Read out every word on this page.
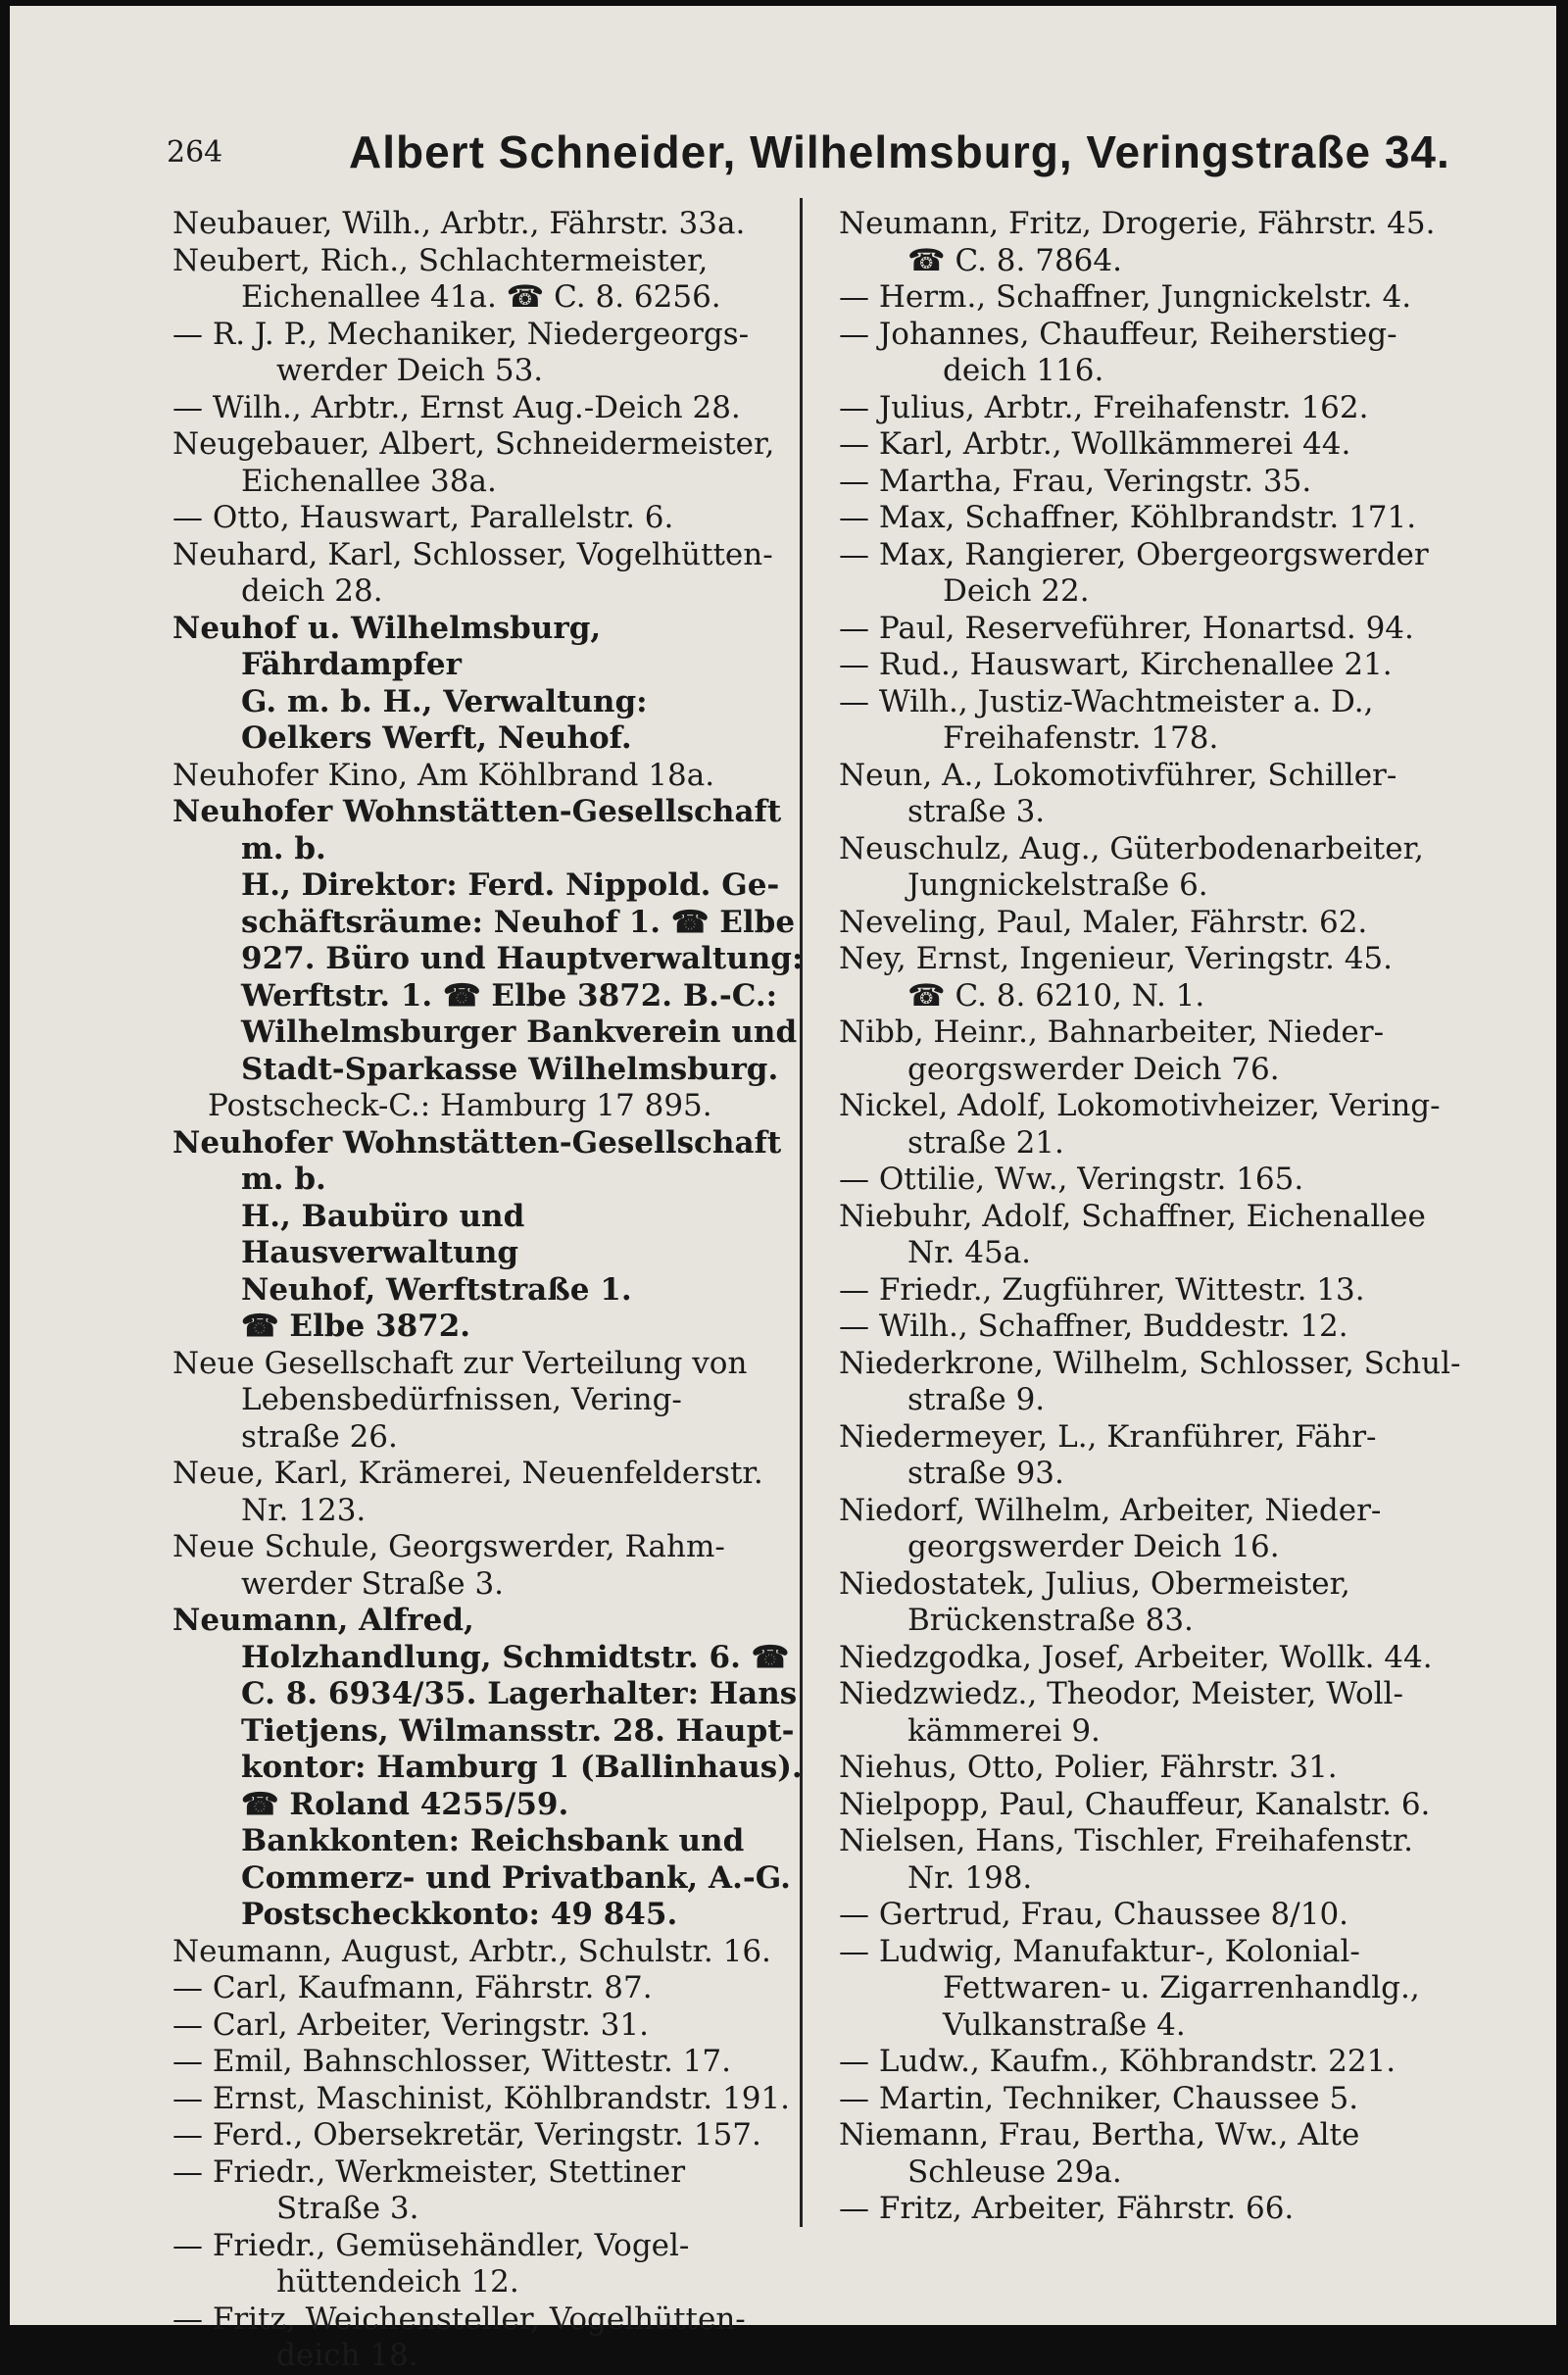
264	Albert Schneider, Wilhelmsburg, Veringstraße 34.
Neubauer, Wilh., Arbtr., Fährstr. 33a.
Neubert, Rich., Schlachtermeister,
Eichenallee 41a. ☎ C. 8. 6256.
— R. J. P., Mechaniker, Niedergeorgs-
werder Deich 53.
— Wilh., Arbtr., Ernst Aug.-Deich 28.
Neugebauer, Albert, Schneidermeister,
Eichenallee 38a.
— Otto, Hauswart, Parallelstr. 6.
Neuhard, Karl, Schlosser, Vogelhütten-
deich 28.
Neuhof u. Wilhelmsburg, Fährdampfer
G. m. b. H., Verwaltung:
Oelkers Werft, Neuhof.
Neuhofer Kino, Am Köhlbrand 18a.
Neuhofer Wohnstätten-Gesellschaft m. b.
H., Direktor: Ferd. Nippold. Ge-
schäftsräume: Neuhof 1. ☎ Elbe
927. Büro und Hauptverwaltung:
Werftstr. 1. ☎ Elbe 3872. B.-C.:
Wilhelmsburger Bankverein und
Stadt-Sparkasse Wilhelmsburg.
Postscheck-C.: Hamburg 17 895.
Neuhofer Wohnstätten-Gesellschaft m. b.
H., Baubüro und Hausverwaltung
Neuhof, Werftstraße 1.
☎ Elbe 3872.
Neue Gesellschaft zur Verteilung von
Lebensbedürfnissen, Vering-
straße 26.
Neue, Karl, Krämerei, Neuenfelderstr.
Nr. 123.
Neue Schule, Georgswerder, Rahm-
werder Straße 3.
Neumann, Alfred,
Holzhandlung, Schmidtstr. 6. ☎
C. 8. 6934/35. Lagerhalter: Hans
Tietjens, Wilmansstr. 28. Haupt-
kontor: Hamburg 1 (Ballinhaus).
☎ Roland 4255/59.
Bankkonten: Reichsbank und
Commerz- und Privatbank, A.-G.
Postscheckkonto: 49 845.
Neumann, August, Arbtr., Schulstr. 16.
— Carl, Kaufmann, Fährstr. 87.
— Carl, Arbeiter, Veringstr. 31.
— Emil, Bahnschlosser, Wittestr. 17.
— Ernst, Maschinist, Köhlbrandstr. 191.
— Ferd., Obersekretär, Veringstr. 157.
— Friedr., Werkmeister, Stettiner
Straße 3.
— Friedr., Gemüsehändler, Vogel-
hüttendeich 12.
— Fritz, Weichensteller, Vogelhütten-
deich 18.
Neumann, Fritz, Drogerie, Fährstr. 45.
☎ C. 8. 7864.
— Herm., Schaffner, Jungnickelstr. 4.
— Johannes, Chauffeur, Reiherstieg-
deich 116.
— Julius, Arbtr., Freihafenstr. 162.
— Karl, Arbtr., Wollkämmerei 44.
— Martha, Frau, Veringstr. 35.
— Max, Schaffner, Köhlbrandstr. 171.
— Max, Rangierer, Obergeorgswerder
Deich 22.
— Paul, Reserveführer, Honartsd. 94.
— Rud., Hauswart, Kirchenallee 21.
— Wilh., Justiz-Wachtmeister a. D.,
Freihafenstr. 178.
Neun, A., Lokomotivführer, Schiller-
straße 3.
Neuschulz, Aug., Güterbodenarbeiter,
Jungnickelstraße 6.
Neveling, Paul, Maler, Fährstr. 62.
Ney, Ernst, Ingenieur, Veringstr. 45.
☎ C. 8. 6210, N. 1.
Nibb, Heinr., Bahnarbeiter, Nieder-
georgswerder Deich 76.
Nickel, Adolf, Lokomotivheizer, Vering-
straße 21.
— Ottilie, Ww., Veringstr. 165.
Niebuhr, Adolf, Schaffner, Eichenallee
Nr. 45a.
— Friedr., Zugführer, Wittestr. 13.
— Wilh., Schaffner, Buddestr. 12.
Niederkrone, Wilhelm, Schlosser, Schul-
straße 9.
Niedermeyer, L., Kranführer, Fähr-
straße 93.
Niedorf, Wilhelm, Arbeiter, Nieder-
georgswerder Deich 16.
Niedostatek, Julius, Obermeister,
Brückenstraße 83.
Niedzgodka, Josef, Arbeiter, Wollk. 44.
Niedzwiedz., Theodor, Meister, Woll-
kämmerei 9.
Niehus, Otto, Polier, Fährstr. 31.
Nielpopp, Paul, Chauffeur, Kanalstr. 6.
Nielsen, Hans, Tischler, Freihafenstr.
Nr. 198.
— Gertrud, Frau, Chaussee 8/10.
— Ludwig, Manufaktur-, Kolonial-
Fettwaren- u. Zigarrenhandlg.,
Vulkanstraße 4.
— Ludw., Kaufm., Köhbrandstr. 221.
— Martin, Techniker, Chaussee 5.
Niemann, Frau, Bertha, Ww., Alte
Schleuse 29a.
— Fritz, Arbeiter, Fährstr. 66.
